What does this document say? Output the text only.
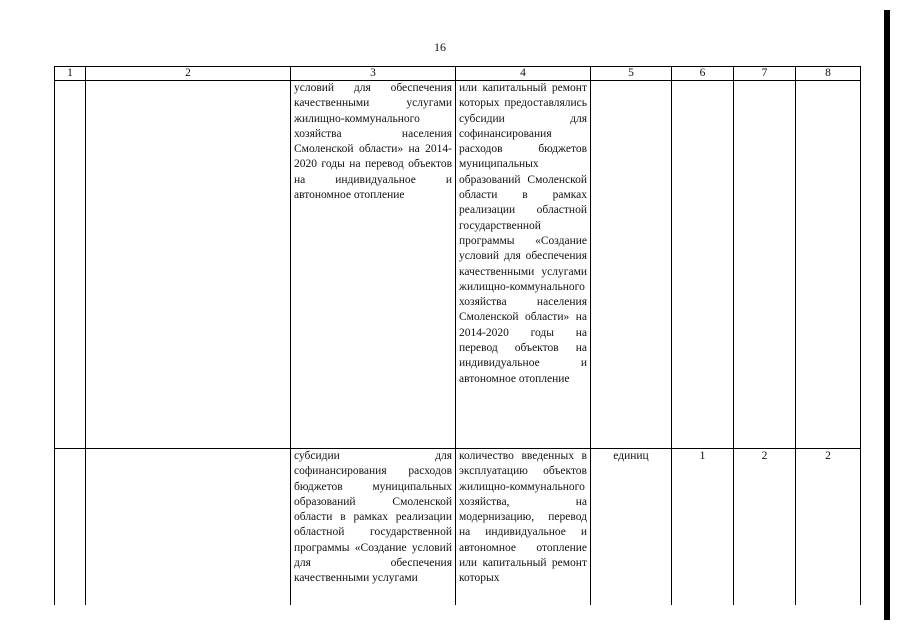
16
1	2	3	4	5	6	7	8
		условий для обеспечения качественными услугами жилищно-коммунального хозяйства населения Смоленской области» на 2014-2020 годы на перевод объектов на индивидуальное и автономное отопление	или капитальный ремонт которых предоставлялись субсидии для софинансирования расходов бюджетов муниципальных образований Смоленской области в рамках реализации областной государственной программы «Создание условий для обеспечения качественными услугами жилищно-коммунального хозяйства населения Смоленской области» на 2014-2020 годы на перевод объектов на индивидуальное и автономное отопление				
		субсидии для софинансирования расходов бюджетов муниципальных образований Смоленской области в рамках реализации областной государственной программы «Создание условий для обеспечения качественными услугами	количество введенных в эксплуатацию объектов жилищно-коммунального хозяйства, на модернизацию, перевод на индивидуальное и автономное отопление или капитальный ремонт которых	единиц	1	2	2
